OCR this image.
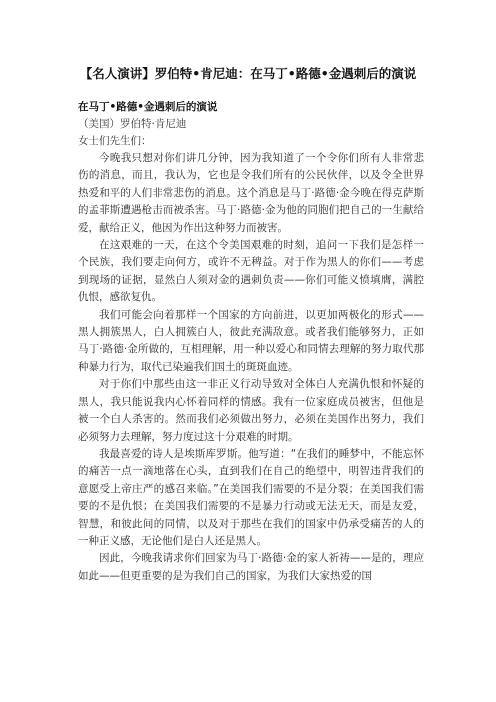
【名人演讲】罗伯特•肯尼迪：在马丁•路德•金遇刺后的演说

在马丁•路德•金遇刺后的演说

（美国）罗伯特·肯尼迪

女士们先生们：

今晚我只想对你们讲几分钟，因为我知道了一个令你们所有人非常悲伤的消息，而且，我认为，它也是令我们所有的公民伙伴，以及令全世界热爱和平的人们非常悲伤的消息。这个消息是马丁·路德·金今晚在得克萨斯的孟菲斯遭遇枪击而被杀害。马丁·路德·金为他的同胞们把自己的一生献给爱，献给正义，他因为作出这种努力而被害。

在这艰难的一天，在这个令美国艰难的时刻，追问一下我们是怎样一个民族，我们要走向何方，或许不无稗益。对于作为黑人的你们——考虑到现场的证据，显然白人须对金的遇刺负责——你们可能义愤填膺，满腔仇恨，感欲复仇。

我们可能会向着那样一个国家的方向前进，以更加两极化的形式——黑人拥簇黑人，白人拥簇白人，彼此充满敌意。或者我们能够努力，正如马丁·路德·金所做的，互相理解，用一种以爱心和同情去理解的努力取代那种暴力行为，取代已染遍我们国土的斑斑血迹。

对于你们中那些由这一非正义行动导致对全体白人充满仇恨和怀疑的黑人，我只能说我内心怀着同样的情感。我有一位家庭成员被害，但他是被一个白人杀害的。然而我们必须做出努力，必须在美国作出努力，我们必须努力去理解，努力度过这十分艰难的时期。

我最喜爱的诗人是埃斯库罗斯。他写道：“在我们的睡梦中，不能忘怀的痛苦一点一滴地落在心头，直到我们在自己的绝望中，明智违背我们的意愿受上帝庄严的感召来临。”在美国我们需要的不是分裂；在美国我们需要的不是仇恨；在美国我们需要的不是暴力行动或无法无天，而是友爱，智慧，和彼此间的同情，以及对于那些在我们的国家中仍承受痛苦的人的一种正义感，无论他们是白人还是黑人。

因此，今晚我请求你们回家为马丁·路德·金的家人祈祷——是的，理应如此——但更重要的是为我们自己的国家，为我们大家热爱的国
